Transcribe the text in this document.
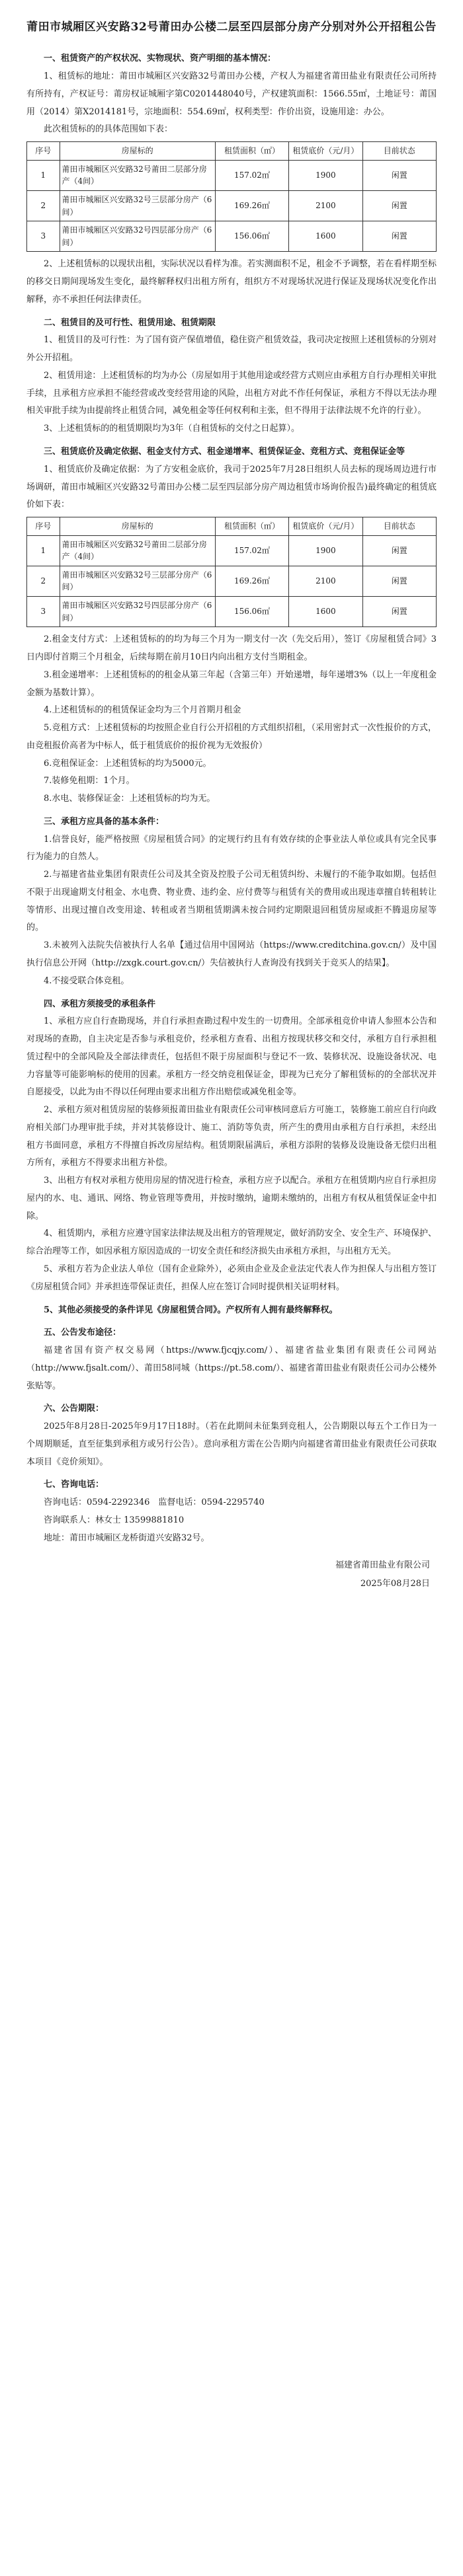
莆田市城厢区兴安路32号莆田办公楼二层至四层部分房产分别对外公开招租公告

一、租赁资产的产权状况、实物现状、资产明细的基本情况：

1、租赁标的地址：莆田市城厢区兴安路32号莆田办公楼，产权人为福建省莆田盐业有限责任公司所持有所持有，产权证号：莆房权证城厢字第C0201448040号，产权建筑面积：1566.55㎡，土地证号：莆国用（2014）第X2014181号，宗地面积：554.69㎡，权利类型：作价出资，设施用途：办公。

此次租赁标的的具体范围如下表：

序号	房屋标的	租赁面积（㎡）	租赁底价（元/月）	目前状态
1	莆田市城厢区兴安路32号莆田二层部分房产（4间）	157.02㎡	1900	闲置
2	莆田市城厢区兴安路32号三层部分房产（6间）	169.26㎡	2100	闲置
3	莆田市城厢区兴安路32号四层部分房产（6间）	156.06㎡	1600	闲置

2、上述租赁标的以现状出租，实际状况以看样为准。若实测面积不足，租金不予调整，若在看样期至标的移交日期间现场发生变化，最终解释权归出租方所有，组织方不对现场状况进行保证及现场状况变化作出解释，亦不承担任何法律责任。

二、租赁目的及可行性、租赁用途、租赁期限

1、租赁目的及可行性：为了国有资产保值增值，稳住资产租赁效益，我司决定按照上述租赁标的分别对外公开招租。

2、租赁用途：上述租赁标的均为办公（房屋如用于其他用途或经营方式则应由承租方自行办理相关审批手续，且承租方应承担不能经营或改变经营用途的风险，出租方对此不作任何保证，承租方不得以无法办理相关审批手续为由提前终止租赁合同，减免租金等任何权利和主张，但不得用于法律法规不允许的行业）。

3、上述租赁标的的租赁期限均为3年（自租赁标的交付之日起算）。

三、租赁底价及确定依据、租金支付方式、租金递增率、租赁保证金、竞租方式、竞租保证金等

1、租赁底价及确定依据：为了方安租金底价，我司于2025年7月28日组织人员去标的现场周边进行市场调研，莆田市城厢区兴安路32号莆田办公楼二层至四层部分房产周边租赁市场询价报告)最终确定的租赁底价如下表：

序号	房屋标的	租赁面积（㎡）	租赁底价（元/月）	目前状态
1	莆田市城厢区兴安路32号莆田二层部分房产（4间）	157.02㎡	1900	闲置
2	莆田市城厢区兴安路32号三层部分房产（6间）	169.26㎡	2100	闲置
3	莆田市城厢区兴安路32号四层部分房产（6间）	156.06㎡	1600	闲置

2.租金支付方式：上述租赁标的的均为每三个月为一期支付一次（先交后用），签订《房屋租赁合同》3日内即付首期三个月租金，后续每期在前月10日内向出租方支付当期租金。

3.租金递增率：上述租赁标的的租金从第三年起（含第三年）开始递增，每年递增3%（以上一年度租金金额为基数计算）。

4.上述租赁标的的租赁保证金均为三个月首期月租金

5.竞租方式：上述租赁标的均按照企业自行公开招租的方式组织招租，（采用密封式一次性报价的方式，由竞租报价高者为中标人，低于租赁底价的报价视为无效报价）

6.竞租保证金：上述租赁标的均为5000元。

7.装修免租期：1个月。

8.水电、装修保证金：上述租赁标的均为无。

三、承租方应具备的基本条件：

1.信誉良好，能严格按照《房屋租赁合同》的定规行约且有有效存续的企事业法人单位或具有完全民事行为能力的自然人。

2.与福建省盐业集团有限责任公司及其全资及控股子公司无租赁纠纷、未履行的不能争取如期。包括但不限于出现逾期支付租金、水电费、物业费、违约金、应付费等与租赁有关的费用或出现违章擅自转租转让等情形、出现过擅自改变用途、转租或者当期租赁期满未按合同约定期限退回租赁房屋或拒不腾退房屋等的。

3.未被列入法院失信被执行人名单【通过信用中国网站（https://www.creditchina.gov.cn/）及中国执行信息公开网（http://zxgk.court.gov.cn/）失信被执行人查询没有找到关于竞买人的结果】。

4.不接受联合体竞租。

四、承租方须接受的承租条件

1、承租方应自行查勘现场，并自行承担查勘过程中发生的一切费用。全部承租竞价申请人参照本公告和对现场的查勘，自主决定是否参与承租竞价，经承租方查看、出租方按现状移交和交付，承租方自行承担租赁过程中的全部风险及全部法律责任，包括但不限于房屋面积与登记不一致、装修状况、设施设备状况、电力容量等可能影响标的使用的因素。承租方一经交纳竞租保证金，即视为已充分了解租赁标的的全部状况并自愿接受，以此为由不得以任何理由要求出租方作出赔偿或减免租金等。

2、承租方须对租赁房屋的装修须报莆田盐业有限责任公司审核同意后方可施工，装修施工前应自行向政府相关部门办理审批手续，并对其装修设计、施工、消防等负责，所产生的费用由承租方自行承担，未经出租方书面同意，承租方不得擅自拆改房屋结构。租赁期限届满后，承租方添附的装修及设施设备无偿归出租方所有，承租方不得要求出租方补偿。

3、出租方有权对承租方使用房屋的情况进行检查，承租方应予以配合。承租方在租赁期内应自行承担房屋内的水、电、通讯、网络、物业管理等费用，并按时缴纳，逾期未缴纳的，出租方有权从租赁保证金中扣除。

4、租赁期内，承租方应遵守国家法律法规及出租方的管理规定，做好消防安全、安全生产、环境保护、综合治理等工作，如因承租方原因造成的一切安全责任和经济损失由承租方承担，与出租方无关。

5、承租方若为企业法人单位（国有企业除外），必须由企业及企业法定代表人作为担保人与出租方签订《房屋租赁合同》并承担连带保证责任，担保人应在签订合同时提供相关证明材料。

5、其他必须接受的条件详见《房屋租赁合同》。产权所有人拥有最终解释权。

五、公告发布途径：

福建省国有资产权交易网（https://www.fjcqjy.com/）、福建省盐业集团有限责任公司网站（http://www.fjsalt.com/）、莆田58同城（https://pt.58.com/）、福建省莆田盐业有限责任公司办公楼外张贴等。

六、公告期限：

2025年8月28日-2025年9月17日18时。（若在此期间未征集到竞租人，公告期限以每五个工作日为一个周期顺延，直至征集到承租方或另行公告）。意向承租方需在公告期内向福建省莆田盐业有限责任公司获取本项目《竞价须知》。

七、咨询电话：

咨询电话：0594-2292346　监督电话：0594-2295740

咨询联系人：林女士 13599881810

地址：莆田市城厢区龙桥街道兴安路32号。

福建省莆田盐业有限公司
2025年08月28日
